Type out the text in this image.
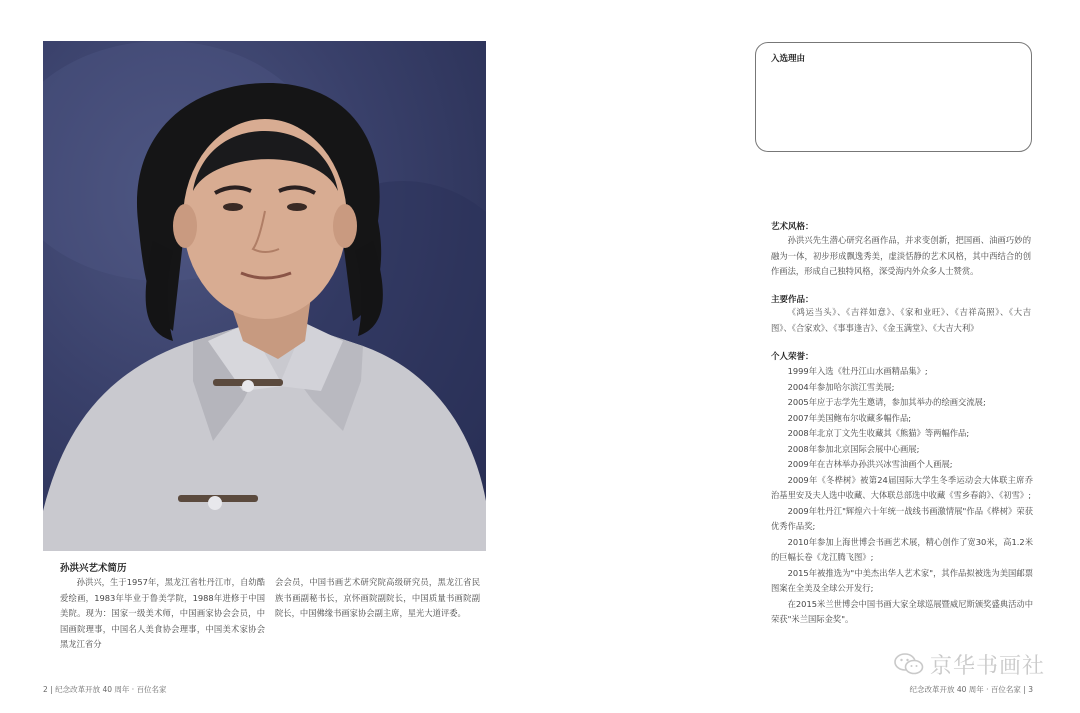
孙洪兴艺术简历

孙洪兴，生于1957年，黑龙江省牡丹江市，自幼酷爱绘画，1983年毕业于鲁美学院，1988年进修于中国美院。现为：国家一级美术师，中国画家协会会员，中国画院理事，中国名人美食协会理事，中国美术家协会黑龙江省分

会会员，中国书画艺术研究院高级研究员，黑龙江省民族书画副秘书长，京怀画院副院长，中国质量书画院副院长，中国佛缘书画家协会副主席，星光大道评委。

2 | 纪念改革开放 40 周年 · 百位名家
入选理由
艺术风格：

孙洪兴先生潜心研究名画作品，并求变创新，把国画、油画巧妙的融为一体，初步形成飘逸秀美，虚淡恬静的艺术风格，其中西结合的创作画法，形成自己独特风格，深受海内外众多人士赞赏。

主要作品：

《鸿运当头》、《吉祥如意》、《家和业旺》、《吉祥高照》、《大吉图》、《合家欢》、《事事逢吉》、《金玉满堂》、《大吉大利》

个人荣誉：
1999年入选《牡丹江山水画精品集》;
2004年参加哈尔滨江雪美展;
2005年应于志学先生邀请，参加其举办的绘画交流展;
2007年美国鲍布尔收藏多幅作品;
2008年北京丁文先生收藏其《熊猫》等两幅作品;
2008年参加北京国际会展中心画展;
2009年在吉林举办孙洪兴冰雪油画个人画展;
2009年《冬桦树》被第24届国际大学生冬季运动会大体联主席乔治基里安及夫人选中收藏、大体联总部选中收藏《雪乡春韵》、《初雪》;
2009年牡丹江"辉煌六十年统一战线书画激情展"作品《桦树》荣获优秀作品奖;
2010年参加上海世博会书画艺术展，精心创作了宽30米，高1.2米的巨幅长卷《龙江腾飞图》;
2015年被推选为"中美杰出华人艺术家"，其作品拟被选为美国邮票图案在全美及全球公开发行;
在2015米兰世博会中国书画大家全球巡展暨威尼斯颁奖盛典活动中荣获"米兰国际金奖"。
京华书画社
纪念改革开放 40 周年 · 百位名家 | 3
